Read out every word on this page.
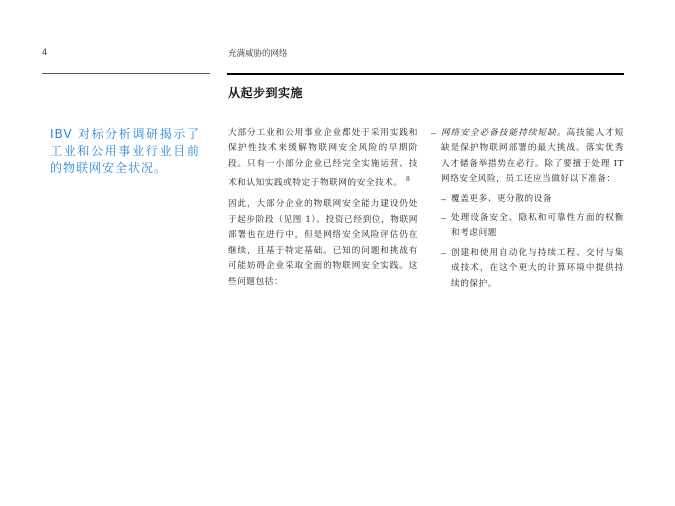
4	充满威胁的网络
从起步到实施
IBV 对标分析调研揭示了工业和公用事业行业目前的物联网安全状况。

大部分工业和公用事业企业都处于采用实践和保护性技术来缓解物联网安全风险的早期阶段。只有一小部分企业已经完全实施运营、技术和认知实践或特定于物联网的安全技术。 $^8$

因此，大部分企业的物联网安全能力建设仍处于起步阶段（见图 1）。投资已经到位，物联网部署也在进行中，但是网络安全风险评估仍在继续，且基于特定基础。已知的问题和挑战有可能妨碍企业采取全面的物联网安全实践。这些问题包括：

– 网络安全必备技能持续短缺。高技能人才短缺是保护物联网部署的最大挑战。落实优秀人才储备举措势在必行。除了要擅于处理 IT 网络安全风险，员工还应当做好以下准备：
– 覆盖更多、更分散的设备
– 处理设备安全、隐私和可靠性方面的权衡和考虑问题
– 创建和使用自动化与持续工程、交付与集成技术，在这个更大的计算环境中提供持续的保护。
